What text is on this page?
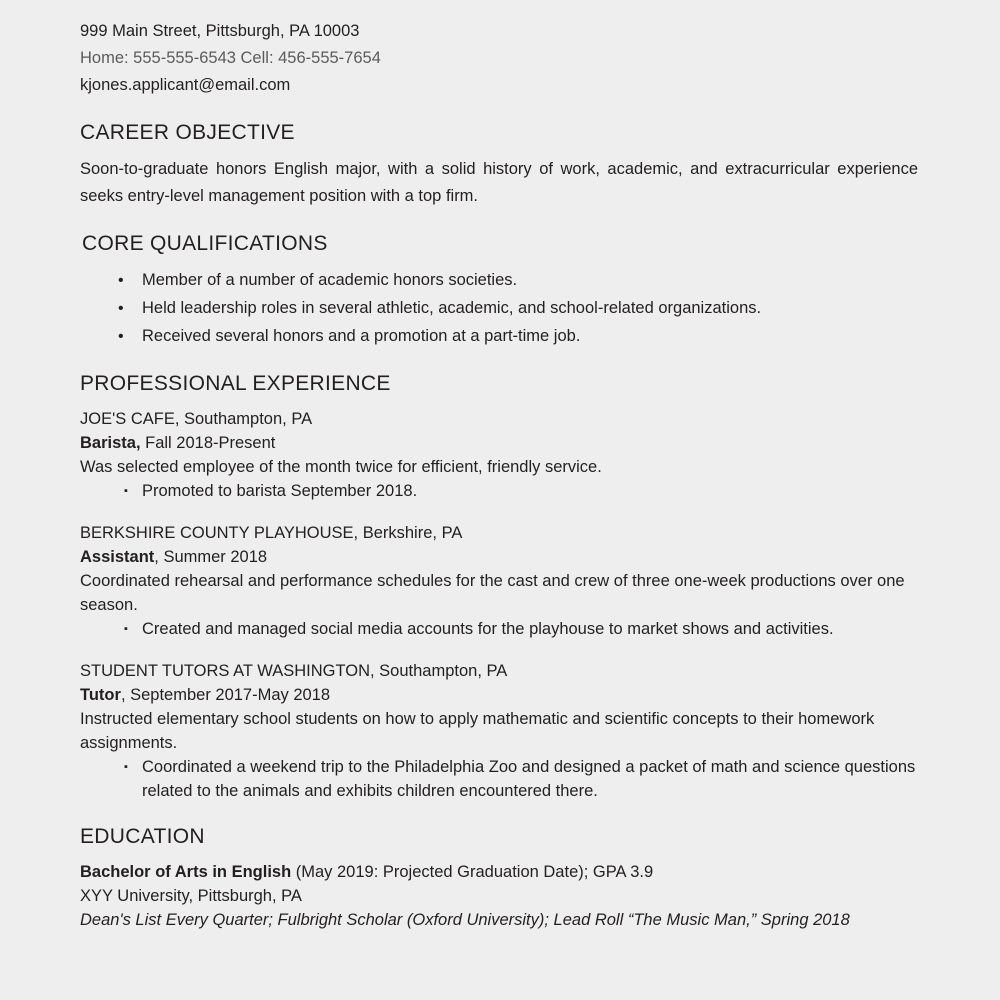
999 Main Street, Pittsburgh, PA 10003
Home: 555-555-6543 Cell: 456-555-7654
kjones.applicant@email.com
CAREER OBJECTIVE

Soon-to-graduate honors English major, with a solid history of work, academic, and extracurricular experience seeks entry-level management position with a top firm.

CORE QUALIFICATIONS
• Member of a number of academic honors societies.
• Held leadership roles in several athletic, academic, and school-related organizations.
• Received several honors and a promotion at a part-time job.
PROFESSIONAL EXPERIENCE

JOE'S CAFE, Southampton, PA

Barista, Fall 2018-Present

Was selected employee of the month twice for efficient, friendly service.

▪ Promoted to barista September 2018.

BERKSHIRE COUNTY PLAYHOUSE, Berkshire, PA

Assistant, Summer 2018

Coordinated rehearsal and performance schedules for the cast and crew of three one-week productions over one season.

▪ Created and managed social media accounts for the playhouse to market shows and activities.

STUDENT TUTORS AT WASHINGTON, Southampton, PA

Tutor, September 2017-May 2018

Instructed elementary school students on how to apply mathematic and scientific concepts to their homework assignments.

▪ Coordinated a weekend trip to the Philadelphia Zoo and designed a packet of math and science questions related to the animals and exhibits children encountered there.
EDUCATION

Bachelor of Arts in English (May 2019: Projected Graduation Date); GPA 3.9

XYY University, Pittsburgh, PA

Dean's List Every Quarter; Fulbright Scholar (Oxford University); Lead Roll “The Music Man,” Spring 2018
